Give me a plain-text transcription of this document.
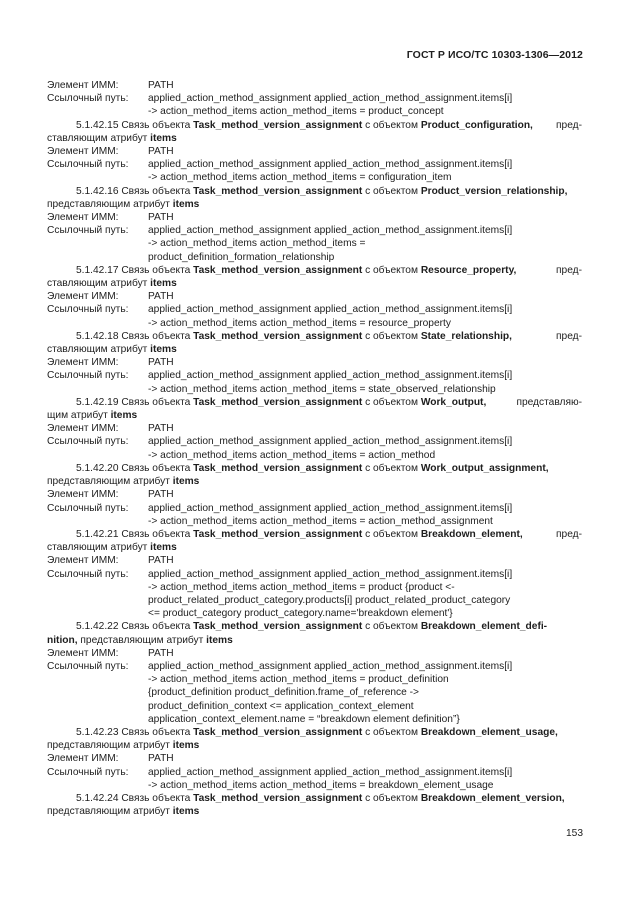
ГОСТ Р ИСО/ТС 10303-1306—2012
Элемент ИММ:	PATH
Ссылочный путь:	applied_action_method_assignment applied_action_method_assignment.items[i]
-> action_method_items action_method_items = product_concept
5.1.42.15 Связь объекта Task_method_version_assignment с объектом Product_configuration, пред-
ставляющим атрибут items
Элемент ИММ:	PATH
Ссылочный путь:	applied_action_method_assignment applied_action_method_assignment.items[i]
-> action_method_items action_method_items = configuration_item
5.1.42.16 Связь объекта Task_method_version_assignment с объектом Product_version_relationship,
представляющим атрибут items
Элемент ИММ:	PATH
Ссылочный путь:	applied_action_method_assignment applied_action_method_assignment.items[i]
-> action_method_items action_method_items =
product_definition_formation_relationship
5.1.42.17 Связь объекта Task_method_version_assignment с объектом Resource_property,	пред-
ставляющим атрибут items
Элемент ИММ:	PATH
Ссылочный путь:	applied_action_method_assignment applied_action_method_assignment.items[i]
-> action_method_items action_method_items = resource_property
5.1.42.18 Связь объекта Task_method_version_assignment с объектом State_relationship,	пред-
ставляющим атрибут items
Элемент ИММ:	PATH
Ссылочный путь:	applied_action_method_assignment applied_action_method_assignment.items[i]
-> action_method_items action_method_items = state_observed_relationship
5.1.42.19 Связь объекта Task_method_version_assignment с объектом Work_output,	представляю-
щим атрибут items
Элемент ИММ:	PATH
Ссылочный путь:	applied_action_method_assignment applied_action_method_assignment.items[i]
-> action_method_items action_method_items = action_method
5.1.42.20 Связь объекта Task_method_version_assignment с объектом Work_output_assignment,
представляющим атрибут items
Элемент ИММ:	PATH
Ссылочный путь:	applied_action_method_assignment applied_action_method_assignment.items[i]
-> action_method_items action_method_items = action_method_assignment
5.1.42.21 Связь объекта Task_method_version_assignment с объектом Breakdown_element,	пред-
ставляющим атрибут items
Элемент ИММ:	PATH
Ссылочный путь:	applied_action_method_assignment applied_action_method_assignment.items[i]
-> action_method_items action_method_items = product {product <-
product_related_product_category.products[i] product_related_product_category
<= product_category product_category.name='breakdown element'}
5.1.42.22 Связь объекта Task_method_version_assignment с объектом Breakdown_element_defi-
nition, представляющим атрибут items
Элемент ИММ:	PATH
Ссылочный путь:	applied_action_method_assignment applied_action_method_assignment.items[i]
-> action_method_items action_method_items = product_definition
{product_definition product_definition.frame_of_reference ->
product_definition_context <= application_context_element
application_context_element.name = “breakdown element definition”}
5.1.42.23 Связь объекта Task_method_version_assignment с объектом Breakdown_element_usage,
представляющим атрибут items
Элемент ИММ:	PATH
Ссылочный путь:	applied_action_method_assignment applied_action_method_assignment.items[i]
-> action_method_items action_method_items = breakdown_element_usage
5.1.42.24 Связь объекта Task_method_version_assignment с объектом Breakdown_element_version,
представляющим атрибут items
153
